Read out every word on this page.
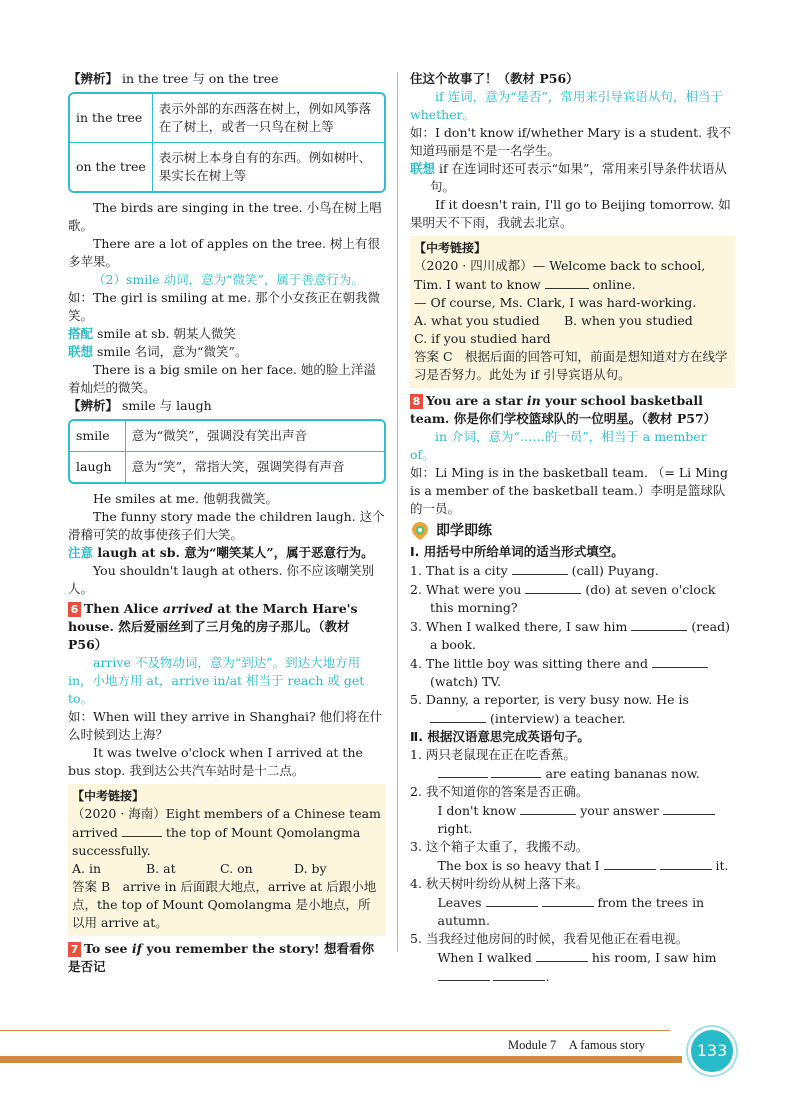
【辨析】 in the tree 与 on the tree

in the tree	表示外部的东西落在树上，例如风筝落在了树上，或者一只鸟在树上等
on the tree	表示树上本身自有的东西。例如树叶、果实长在树上等

The birds are singing in the tree. 小鸟在树上唱歌。

There are a lot of apples on the tree. 树上有很多苹果。

（2）smile 动词，意为“微笑”，属于善意行为。

如：The girl is smiling at me. 那个小女孩正在朝我微笑。

搭配 smile at sb. 朝某人微笑

联想 smile 名词，意为“微笑”。

There is a big smile on her face. 她的脸上洋溢着灿烂的微笑。

【辨析】 smile 与 laugh

smile	意为“微笑”，强调没有笑出声音
laugh	意为“笑”，常指大笑，强调笑得有声音

He smiles at me. 他朝我微笑。

The funny story made the children laugh. 这个滑稽可笑的故事使孩子们大笑。

注意 laugh at sb. 意为“嘲笑某人”，属于恶意行为。

You shouldn't laugh at others. 你不应该嘲笑别人。

6 Then Alice arrived at the March Hare's house. 然后爱丽丝到了三月兔的房子那儿。（教材 P56）

arrive 不及物动词，意为“到达”。到达大地方用 in，小地方用 at，arrive in/at 相当于 reach 或 get to。

如：When will they arrive in Shanghai? 他们将在什么时候到达上海？

It was twelve o'clock when I arrived at the bus stop. 我到达公共汽车站时是十二点。

【中考链接】

（2020 · 海南）Eight members of a Chinese team arrived	the top of Mount Qomolangma successfully.

A. in	B. at	C. on	D. by

答案 B　arrive in 后面跟大地点，arrive at 后跟小地点，the top of Mount Qomolangma 是小地点，所以用 arrive at。

7 To see if you remember the story! 想看看你是否记

住这个故事了！（教材 P56）

if 连词，意为“是否”，常用来引导宾语从句，相当于 whether。

如：I don't know if/whether Mary is a student. 我不知道玛丽是不是一名学生。

联想 if 在连词时还可表示“如果”，常用来引导条件状语从句。

If it doesn't rain, I'll go to Beijing tomorrow. 如果明天不下雨，我就去北京。

【中考链接】

（2020 · 四川成都）— Welcome back to school, Tim. I want to know	online.

— Of course, Ms. Clark, I was hard-working.

A. what you studied B. when you studied

C. if you studied hard

答案 C　根据后面的回答可知，前面是想知道对方在线学习是否努力。此处为 if 引导宾语从句。

8 You are a star in your school basketball team. 你是你们学校篮球队的一位明星。（教材 P57）

in 介词，意为“……的一员”，相当于 a member of。

如：Li Ming is in the basketball team. （= Li Ming is a member of the basketball team.）李明是篮球队的一员。

即学即练

Ⅰ. 用括号中所给单词的适当形式填空。

1. That is a city	(call) Puyang.

2. What were you	(do) at seven o'clock this morning?

3. When I walked there, I saw him	(read) a book.

4. The little boy was sitting there and  (watch) TV.

5. Danny, a reporter, is very busy now. He is  (interview) a teacher.

Ⅱ. 根据汉语意思完成英语句子。

1. 两只老鼠现在正在吃香蕉。

are eating bananas now.

2. 我不知道你的答案是否正确。

I don't know	your answer  right.

3. 这个箱子太重了，我搬不动。

The box is so heavy that I	it.

4. 秋天树叶纷纷从树上落下来。

Leaves	from the trees in autumn.

5. 当我经过他房间的时候，我看见他正在看电视。

When I walked	his room, I saw him

.

Module 7　A famous story	133
